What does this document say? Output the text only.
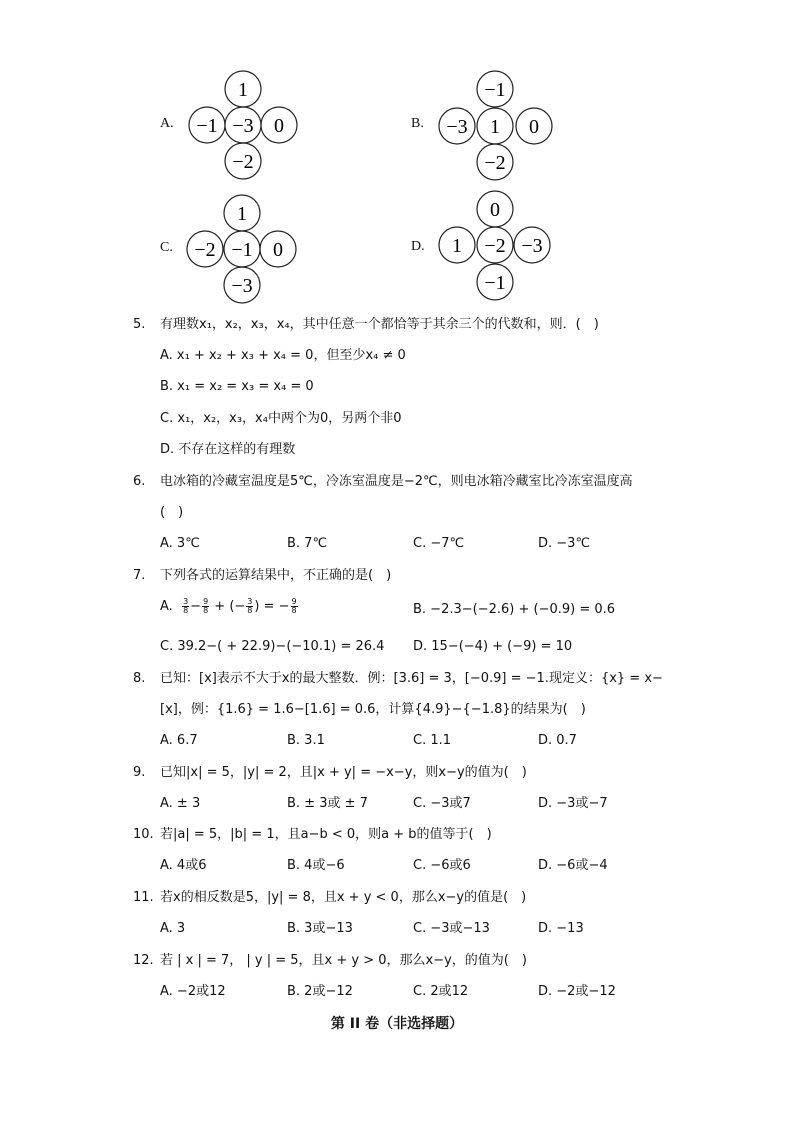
A.
1
−1 −3 0
−2
B.
−1
−3 1 0
−2
C.
1
−2 −1 0
−3
D.
0
1 −2 −3
−1
5. 有理数x₁，x₂，x₃，x₄，其中任意一个都恰等于其余三个的代数和，则．(　)
A. x₁ + x₂ + x₃ + x₄ = 0，但至少x₄ ≠ 0
B. x₁ = x₂ = x₃ = x₄ = 0
C. x₁，x₂，x₃，x₄中两个为0，另两个非0
D. 不存在这样的有理数
6. 电冰箱的冷藏室温度是5℃，冷冻室温度是−2℃，则电冰箱冷藏室比冷冻室温度高
(　)
A. 3℃	B. 7℃	C. −7℃	D. −3℃
7. 下列各式的运算结果中，不正确的是(　)
A. $\frac{3}{8} - \frac{9}{8}$ + (− $\frac{3}{8}$ ) = − $\frac{9}{8}$	B. −2.3−(−2.6) + (−0.9) = 0.6
C. 39.2−( + 22.9)−(−10.1) = 26.4 D. 15−(−4) + (−9) = 10
8. 已知：[x]表示不大于x的最大整数．例：[3.6] = 3，[−0.9] = −1.现定义：{x} = x−
[x]，例：{1.6} = 1.6−[1.6] = 0.6，计算{4.9}−{−1.8}的结果为(　)
A. 6.7	B. 3.1	C. 1.1	D. 0.7
9. 已知|x| = 5，|y| = 2，且|x + y| = −x−y，则x−y的值为(　)
A. ± 3	B. ± 3或 ± 7	C. −3或7	D. −3或−7
10. 若|a| = 5，|b| = 1，且a−b < 0，则a + b的值等于(　)
A. 4或6	B. 4或−6	C. −6或6	D. −6或−4
11. 若x的相反数是5，|y| = 8，且x + y < 0，那么x−y的值是(　)
A. 3	B. 3或−13	C. −3或−13	D. −13
12. 若 | x | = 7， | y | = 5，且x + y > 0，那么x−y，的值为(　)
A. −2或12	B. 2或−12	C. 2或12	D. −2或−12
第 II 卷（非选择题）
